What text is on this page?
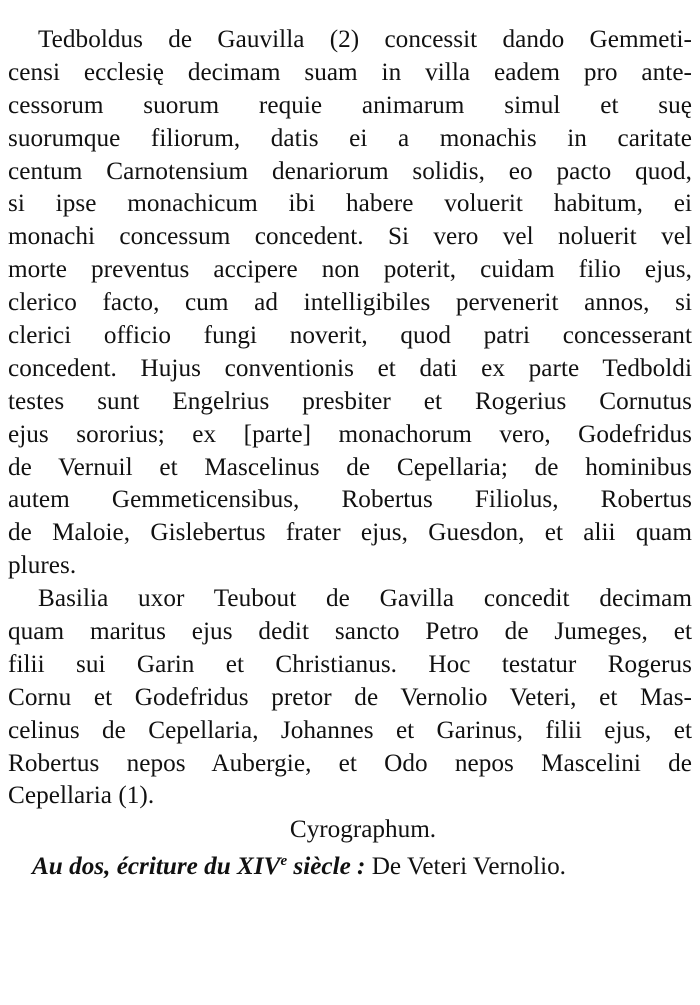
Tedboldus de Gauvilla (2) concessit dando Gemmeti-
censi ecclesię decimam suam in villa eadem pro ante-
cessorum suorum requie animarum simul et suę
suorumque filiorum, datis ei a monachis in caritate
centum Carnotensium denariorum solidis, eo pacto quod,
si ipse monachicum ibi habere voluerit habitum, ei
monachi concessum concedent. Si vero vel noluerit vel
morte preventus accipere non poterit, cuidam filio ejus,
clerico facto, cum ad intelligibiles pervenerit annos, si
clerici officio fungi noverit, quod patri concesserant
concedent. Hujus conventionis et dati ex parte Tedboldi
testes sunt Engelrius presbiter et Rogerius Cornutus
ejus sororius; ex [parte] monachorum vero, Godefridus
de Vernuil et Mascelinus de Cepellaria; de hominibus
autem Gemmeticensibus, Robertus Filiolus, Robertus
de Maloie, Gislebertus frater ejus, Guesdon, et alii quam
plures.
Basilia uxor Teubout de Gavilla concedit decimam
quam maritus ejus dedit sancto Petro de Jumeges, et
filii sui Garin et Christianus. Hoc testatur Rogerus
Cornu et Godefridus pretor de Vernolio Veteri, et Mas-
celinus de Cepellaria, Johannes et Garinus, filii ejus, et
Robertus nepos Aubergie, et Odo nepos Mascelini de
Cepellaria (1).
Cyrographum.
Au dos, écriture du XIVe siècle : De Veteri Vernolio.
